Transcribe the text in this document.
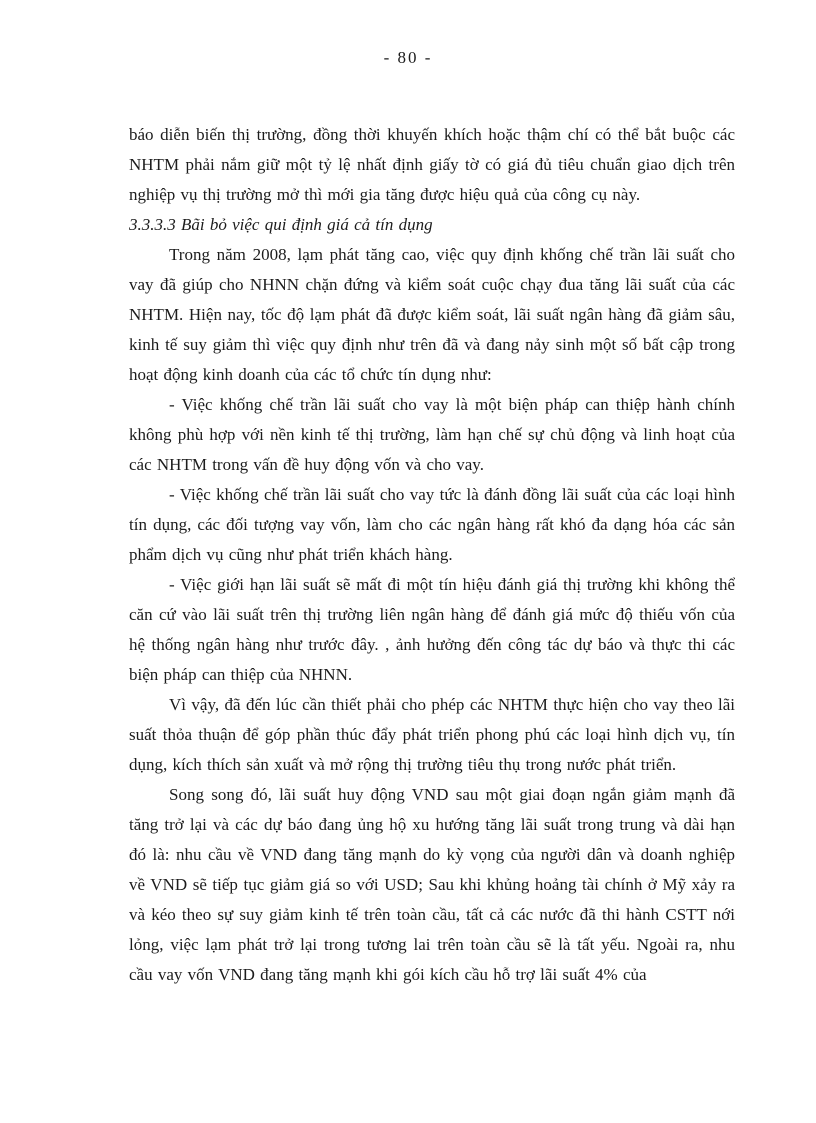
- 80 -

báo diễn biến thị trường, đồng thời khuyến khích hoặc thậm chí có thể bắt buộc các NHTM phải nắm giữ một tỷ lệ nhất định giấy tờ có giá đủ tiêu chuẩn giao dịch trên nghiệp vụ thị trường mở thì mới gia tăng được hiệu quả của công cụ này.

3.3.3.3 Bãi bỏ việc qui định giá cả tín dụng

Trong năm 2008, lạm phát tăng cao, việc quy định khống chế trần lãi suất cho vay đã giúp cho NHNN chặn đứng và kiểm soát cuộc chạy đua tăng lãi suất của các NHTM. Hiện nay, tốc độ lạm phát đã được kiểm soát, lãi suất ngân hàng đã giảm sâu, kinh tế suy giảm thì việc quy định như trên đã và đang nảy sinh một số bất cập trong hoạt động kinh doanh của các tổ chức tín dụng như:

- Việc khống chế trần lãi suất cho vay là một biện pháp can thiệp hành chính không phù hợp với nền kinh tế thị trường, làm hạn chế sự chủ động và linh hoạt của các NHTM trong vấn đề huy động vốn và cho vay.

- Việc khống chế trần lãi suất cho vay tức là đánh đồng lãi suất của các loại hình tín dụng, các đối tượng vay vốn, làm cho các ngân hàng rất khó đa dạng hóa các sản phẩm dịch vụ cũng như phát triển khách hàng.

- Việc giới hạn lãi suất sẽ mất đi một tín hiệu đánh giá thị trường khi không thể căn cứ vào lãi suất trên thị trường liên ngân hàng để đánh giá mức độ thiếu vốn của hệ thống ngân hàng như trước đây. , ảnh hưởng đến công tác dự báo và thực thi các biện pháp can thiệp của NHNN.

Vì vậy, đã đến lúc cần thiết phải cho phép các NHTM thực hiện cho vay theo lãi suất thỏa thuận để góp phần thúc đẩy phát triển phong phú các loại hình dịch vụ, tín dụng, kích thích sản xuất và mở rộng thị trường tiêu thụ trong nước phát triển.

Song song đó, lãi suất huy động VND sau một giai đoạn ngắn giảm mạnh đã tăng trở lại và các dự báo đang ủng hộ xu hướng tăng lãi suất trong trung và dài hạn đó là: nhu cầu về VND đang tăng mạnh do kỳ vọng của người dân và doanh nghiệp về VND sẽ tiếp tục giảm giá so với USD; Sau khi khủng hoảng tài chính ở Mỹ xảy ra và kéo theo sự suy giảm kinh tế trên toàn cầu, tất cả các nước đã thi hành CSTT nới lỏng, việc lạm phát trở lại trong tương lai trên toàn cầu sẽ là tất yếu. Ngoài ra, nhu cầu vay vốn VND đang tăng mạnh khi gói kích cầu hỗ trợ lãi suất 4% của
